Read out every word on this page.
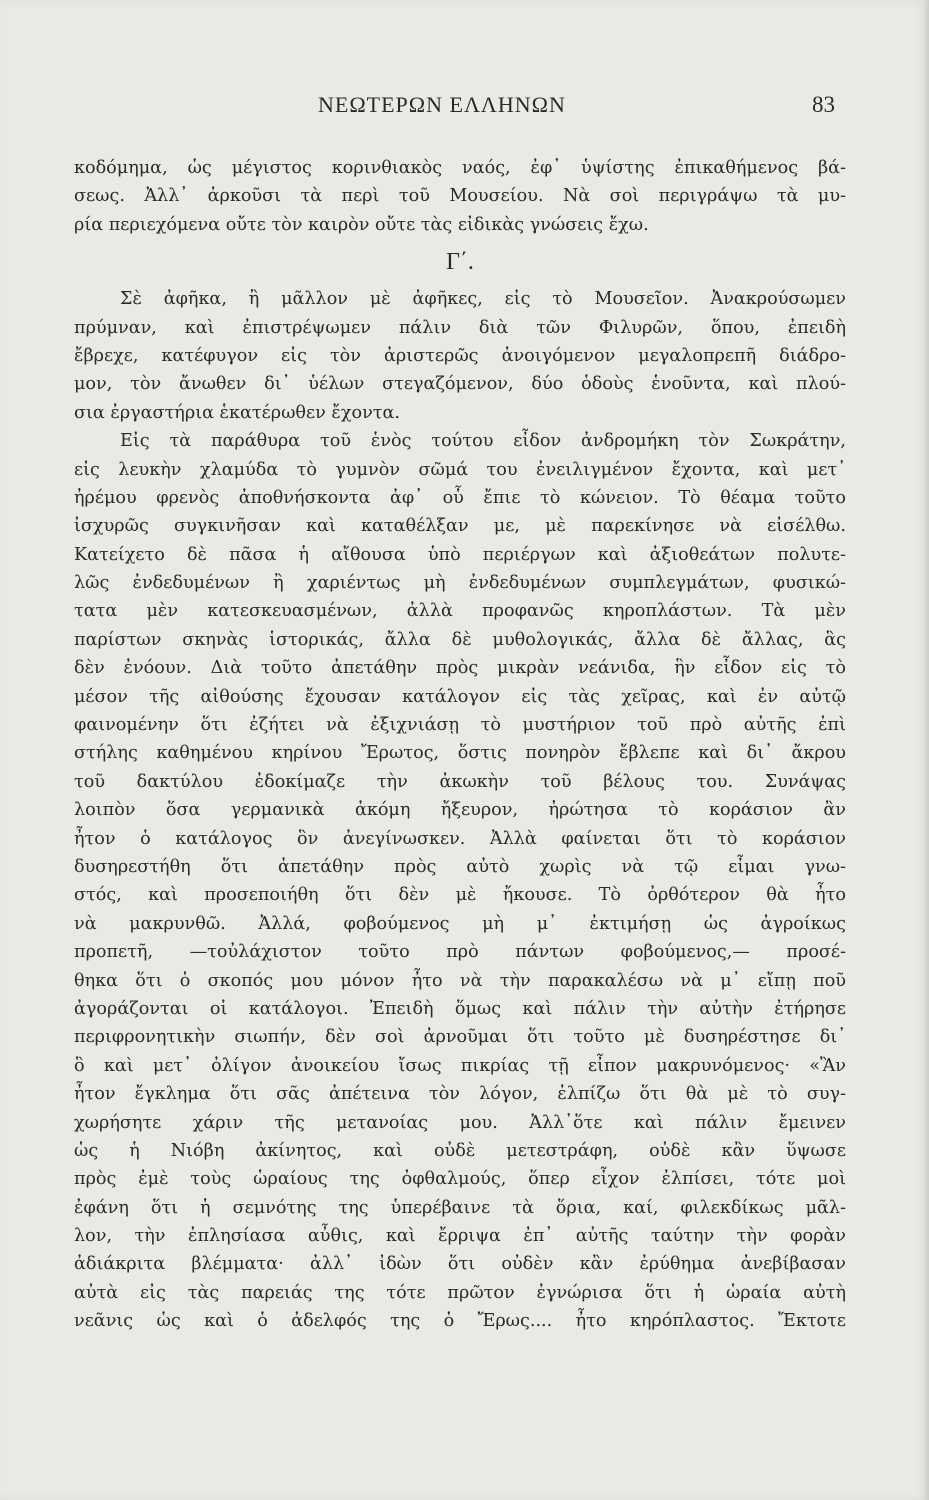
ΝΕΩΤΕΡΩΝ ΕΛΛΗΝΩΝ	83
κοδόμημα, ὡς μέγιστος κορινθιακὸς ναός, ἐφ᾽ ὑψίστης ἐπικαθήμενος βά-
σεως. Ἀλλ᾽ ἀρκοῦσι τὰ περὶ τοῦ Μουσείου. Νὰ σοὶ περιγράψω τὰ μυ-
ρία περιεχόμενα οὔτε τὸν καιρὸν οὔτε τὰς εἰδικὰς γνώσεις ἔχω.
Γ΄.
Σὲ ἀφῆκα, ἢ μᾶλλον μὲ ἀφῆκες, εἰς τὸ Μουσεῖον. Ἀνακρούσωμεν
πρύμναν, καὶ ἐπιστρέψωμεν πάλιν διὰ τῶν Φιλυρῶν, ὅπου, ἐπειδὴ
ἔβρεχε, κατέφυγον εἰς τὸν ἀριστερῶς ἀνοιγόμενον μεγαλοπρεπῆ διάδρο-
μον, τὸν ἄνωθεν δι᾽ ὑέλων στεγαζόμενον, δύο ὁδοὺς ἑνοῦντα, καὶ πλού-
σια ἐργαστήρια ἑκατέρωθεν ἔχοντα.
Εἰς τὰ παράθυρα τοῦ ἑνὸς τούτου εἶδον ἀνδρομήκη τὸν Σωκράτην,
εἰς λευκὴν χλαμύδα τὸ γυμνὸν σῶμά του ἐνειλιγμένον ἔχοντα, καὶ μετ᾽
ἠρέμου φρενὸς ἀποθνήσκοντα ἀφ᾽ οὗ ἔπιε τὸ κώνειον. Τὸ θέαμα τοῦτο
ἰσχυρῶς συγκινῆσαν καὶ καταθέλξαν με, μὲ παρεκίνησε νὰ εἰσέλθω.
Κατείχετο δὲ πᾶσα ἡ αἴθουσα ὑπὸ περιέργων καὶ ἀξιοθεάτων πολυτε-
λῶς ἐνδεδυμένων ἢ χαριέντως μὴ ἐνδεδυμένων συμπλεγμάτων, φυσικώ-
τατα μὲν κατεσκευασμένων, ἀλλὰ προφανῶς κηροπλάστων. Τὰ μὲν
παρίστων σκηνὰς ἱστορικάς, ἄλλα δὲ μυθολογικάς, ἄλλα δὲ ἄλλας, ἃς
δὲν ἐνόουν. Διὰ τοῦτο ἀπετάθην πρὸς μικρὰν νεάνιδα, ἣν εἶδον εἰς τὸ
μέσον τῆς αἰθούσης ἔχουσαν κατάλογον εἰς τὰς χεῖρας, καὶ ἐν αὐτῷ
φαινομένην ὅτι ἐζήτει νὰ ἐξιχνιάσῃ τὸ μυστήριον τοῦ πρὸ αὐτῆς ἐπὶ
στήλης καθημένου κηρίνου Ἔρωτος, ὅστις πονηρὸν ἔβλεπε καὶ δι᾽ ἄκρου
τοῦ δακτύλου ἐδοκίμαζε τὴν ἀκωκὴν τοῦ βέλους του. Συνάψας
λοιπὸν ὅσα γερμανικὰ ἀκόμη ἤξευρον, ἠρώτησα τὸ κοράσιον ἂν
ἦτον ὁ κατάλογος ὃν ἀνεγίνωσκεν. Ἀλλὰ φαίνεται ὅτι τὸ κοράσιον
δυσηρεστήθη ὅτι ἀπετάθην πρὸς αὐτὸ χωρὶς νὰ τῷ εἶμαι γνω-
στός, καὶ προσεποιήθη ὅτι δὲν μὲ ἤκουσε. Τὸ ὀρθότερον θὰ ἦτο
νὰ μακρυνθῶ. Ἀλλά, φοβούμενος μὴ μ᾽ ἐκτιμήσῃ ὡς ἀγροίκως
προπετῆ, —τοὐλάχιστον τοῦτο πρὸ πάντων φοβούμενος,— προσέ-
θηκα ὅτι ὁ σκοπός μου μόνον ἦτο νὰ τὴν παρακαλέσω νὰ μ᾽ εἴπῃ ποῦ
ἀγοράζονται οἱ κατάλογοι. Ἐπειδὴ ὅμως καὶ πάλιν τὴν αὐτὴν ἐτήρησε
περιφρονητικὴν σιωπήν, δὲν σοὶ ἀρνοῦμαι ὅτι τοῦτο μὲ δυσηρέστησε δι᾽
ὃ καὶ μετ᾽ ὀλίγον ἀνοικείου ἴσως πικρίας τῇ εἶπον μακρυνόμενος· «Ἂν
ἦτον ἔγκλημα ὅτι σᾶς ἀπέτεινα τὸν λόγον, ἐλπίζω ὅτι θὰ μὲ τὸ συγ-
χωρήσητε χάριν τῆς μετανοίας μου. Ἀλλ᾽ὅτε καὶ πάλιν ἔμεινεν
ὡς ἡ Νιόβη ἀκίνητος, καὶ οὐδὲ μετεστράφη, οὐδὲ κἂν ὕψωσε
πρὸς ἐμὲ τοὺς ὡραίους της ὀφθαλμούς, ὅπερ εἶχον ἐλπίσει, τότε μοὶ
ἐφάνη ὅτι ἡ σεμνότης της ὑπερέβαινε τὰ ὅρια, καί, φιλεκδίκως μᾶλ-
λον, τὴν ἐπλησίασα αὖθις, καὶ ἔρριψα ἐπ᾽ αὐτῆς ταύτην τὴν φορὰν
ἀδιάκριτα βλέμματα· ἀλλ᾽ ἰδὼν ὅτι οὐδὲν κἂν ἐρύθημα ἀνεβίβασαν
αὐτὰ εἰς τὰς παρειάς της τότε πρῶτον ἐγνώρισα ὅτι ἡ ὡραία αὐτὴ
νεᾶνις ὡς καὶ ὁ ἀδελφός της ὁ Ἔρως.... ἦτο κηρόπλαστος. Ἔκτοτε
